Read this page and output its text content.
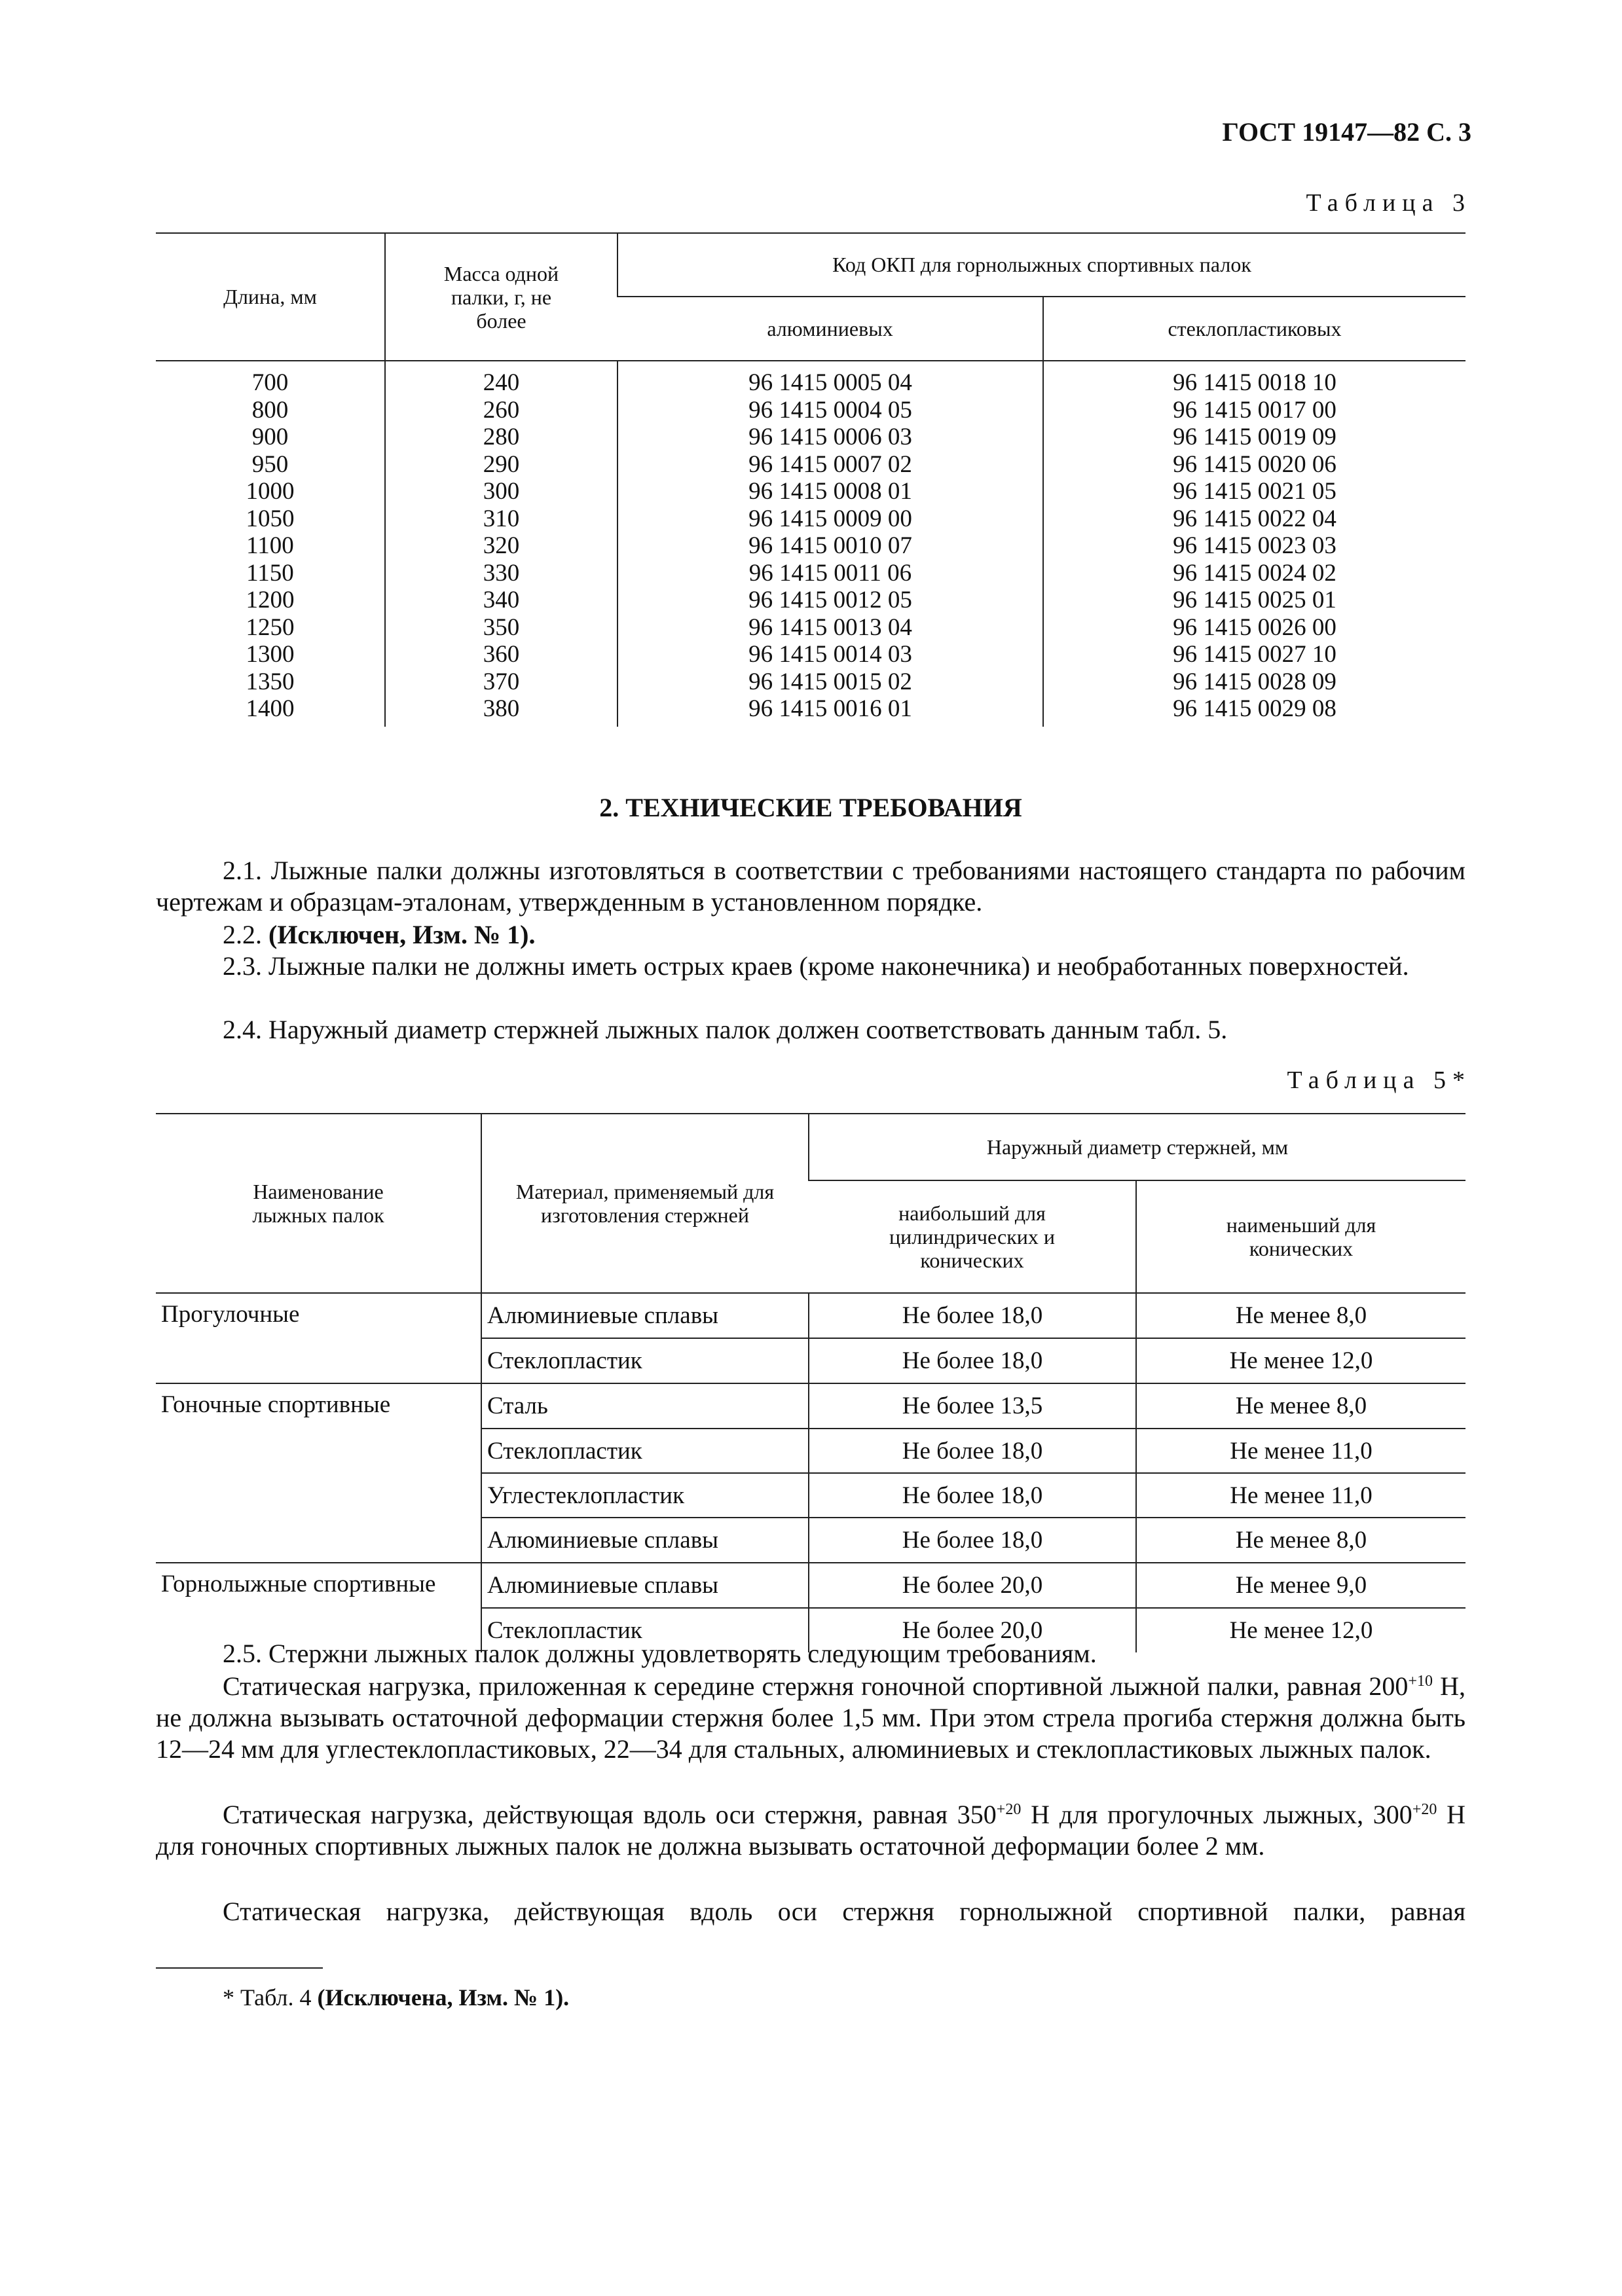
ГОСТ 19147—82 С. 3
Таблица 3
Длина, мм	Масса одной палки, г, не более	Код ОКП для горнолыжных спортивных палок	
		алюминиевых	стеклопластиковых
700	240	96 1415 0005 04	96 1415 0018 10
800	260	96 1415 0004 05	96 1415 0017 00
900	280	96 1415 0006 03	96 1415 0019 09
950	290	96 1415 0007 02	96 1415 0020 06
1000	300	96 1415 0008 01	96 1415 0021 05
1050	310	96 1415 0009 00	96 1415 0022 04
1100	320	96 1415 0010 07	96 1415 0023 03
1150	330	96 1415 0011 06	96 1415 0024 02
1200	340	96 1415 0012 05	96 1415 0025 01
1250	350	96 1415 0013 04	96 1415 0026 00
1300	360	96 1415 0014 03	96 1415 0027 10
1350	370	96 1415 0015 02	96 1415 0028 09
1400	380	96 1415 0016 01	96 1415 0029 08
2. ТЕХНИЧЕСКИЕ ТРЕБОВАНИЯ
2.1. Лыжные палки должны изготовляться в соответствии с требованиями настоящего стандарта по рабочим чертежам и образцам-эталонам, утвержденным в установленном порядке.
2.2. (Исключен, Изм. № 1).
2.3. Лыжные палки не должны иметь острых краев (кроме наконечника) и необработанных поверхностей.
2.4. Наружный диаметр стержней лыжных палок должен соответствовать данным табл. 5.
Таблица 5*
Наименование лыжных палок	Материал, применяемый для изготовления стержней	Наружный диаметр стержней, мм	

		наибольший для цилиндрических и конических	наименьший для конических

Прогулочные	Алюминиевые сплавы	Не более 18,0	Не менее 8,0
	Стеклопластик	Не более 18,0	Не менее 12,0
Гоночные спортивные	Сталь	Не более 13,5	Не менее 8,0
	Стеклопластик	Не более 18,0	Не менее 11,0
	Углестеклопластик	Не более 18,0	Не менее 11,0
	Алюминиевые сплавы	Не более 18,0	Не менее 8,0
Горнолыжные спортивные	Алюминиевые сплавы	Не более 20,0	Не менее 9,0
	Стеклопластик	Не более 20,0	Не менее 12,0
2.5. Стержни лыжных палок должны удовлетворять следующим требованиям.
Статическая нагрузка, приложенная к середине стержня гоночной спортивной лыжной палки, равная $200^{+10}$ Н, не должна вызывать остаточной деформации стержня более 1,5 мм. При этом стрела прогиба стержня должна быть 12—24 мм для углестеклопластиковых, 22—34 для стальных, алюминиевых и стеклопластиковых лыжных палок.
Статическая нагрузка, действующая вдоль оси стержня, равная $350^{+20}$ Н для прогулочных лыжных, $300^{+20}$ Н для гоночных спортивных лыжных палок не должна вызывать остаточной деформации более 2 мм.
Статическая нагрузка, действующая вдоль оси стержня горнолыжной спортивной палки, равная
* Табл. 4 (Исключена, Изм. № 1).
